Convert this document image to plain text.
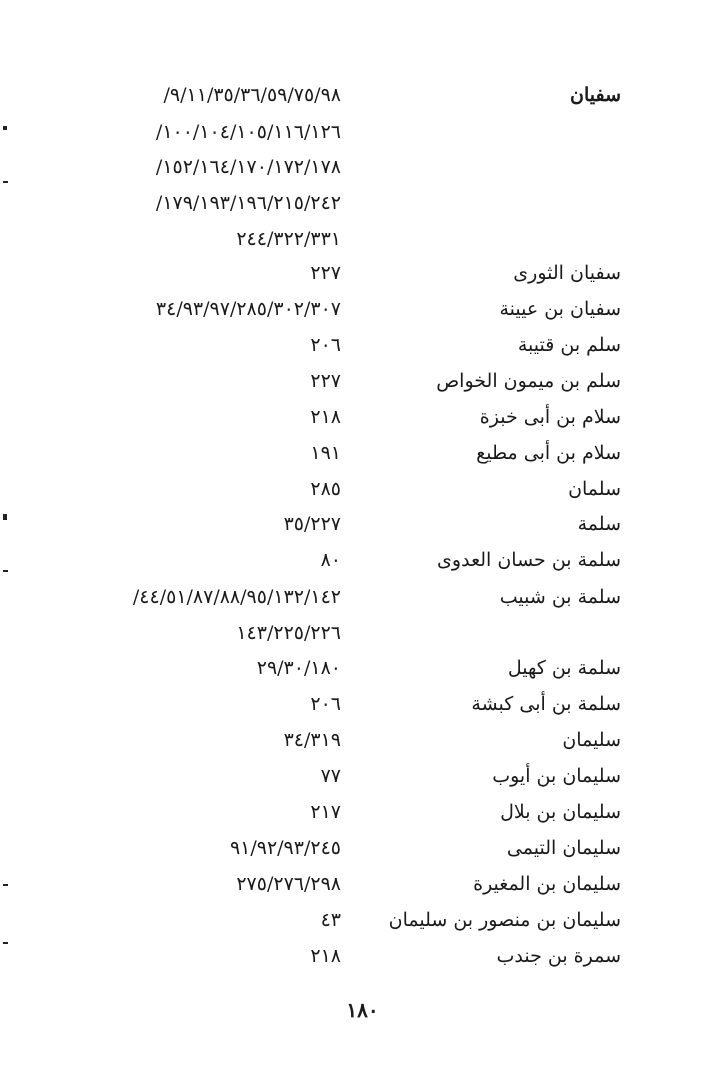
سفيان
٩/١١/٣٥/٣٦/٥٩/٧٥/٩٨/
١٠٠/١٠٤/١٠٥/١١٦/١٢٦/
١٥٢/١٦٤/١٧٠/١٧٢/١٧٨/
١٧٩/١٩٣/١٩٦/٢١٥/٢٤٢/
٢٤٤/٣٢٢/٣٣١
سفيان الثورى
٢٢٧
سفيان بن عيينة
٣٤/٩٣/٩٧/٢٨٥/٣٠٢/٣٠٧
سلم بن قتيبة
٢٠٦
سلم بن ميمون الخواص
٢٢٧
سلام بن أبى خبزة
٢١٨
سلام بن أبى مطيع
١٩١
سلمان
٢٨٥
سلمة
٣٥/٢٢٧
سلمة بن حسان العدوى
٨٠
سلمة بن شبيب
٤٤/٥١/٨٧/٨٨/٩٥/١٣٢/١٤٢/
١٤٣/٢٢٥/٢٢٦
سلمة بن كهيل
٢٩/٣٠/١٨٠
سلمة بن أبى كبشة
٢٠٦
سليمان
٣٤/٣١٩
سليمان بن أيوب
٧٧
سليمان بن بلال
٢١٧
سليمان التيمى
٩١/٩٢/٩٣/٢٤٥
سليمان بن المغيرة
٢٧٥/٢٧٦/٢٩٨
سليمان بن منصور بن سليمان
٤٣
سمرة بن جندب
٢١٨
١٨٠
